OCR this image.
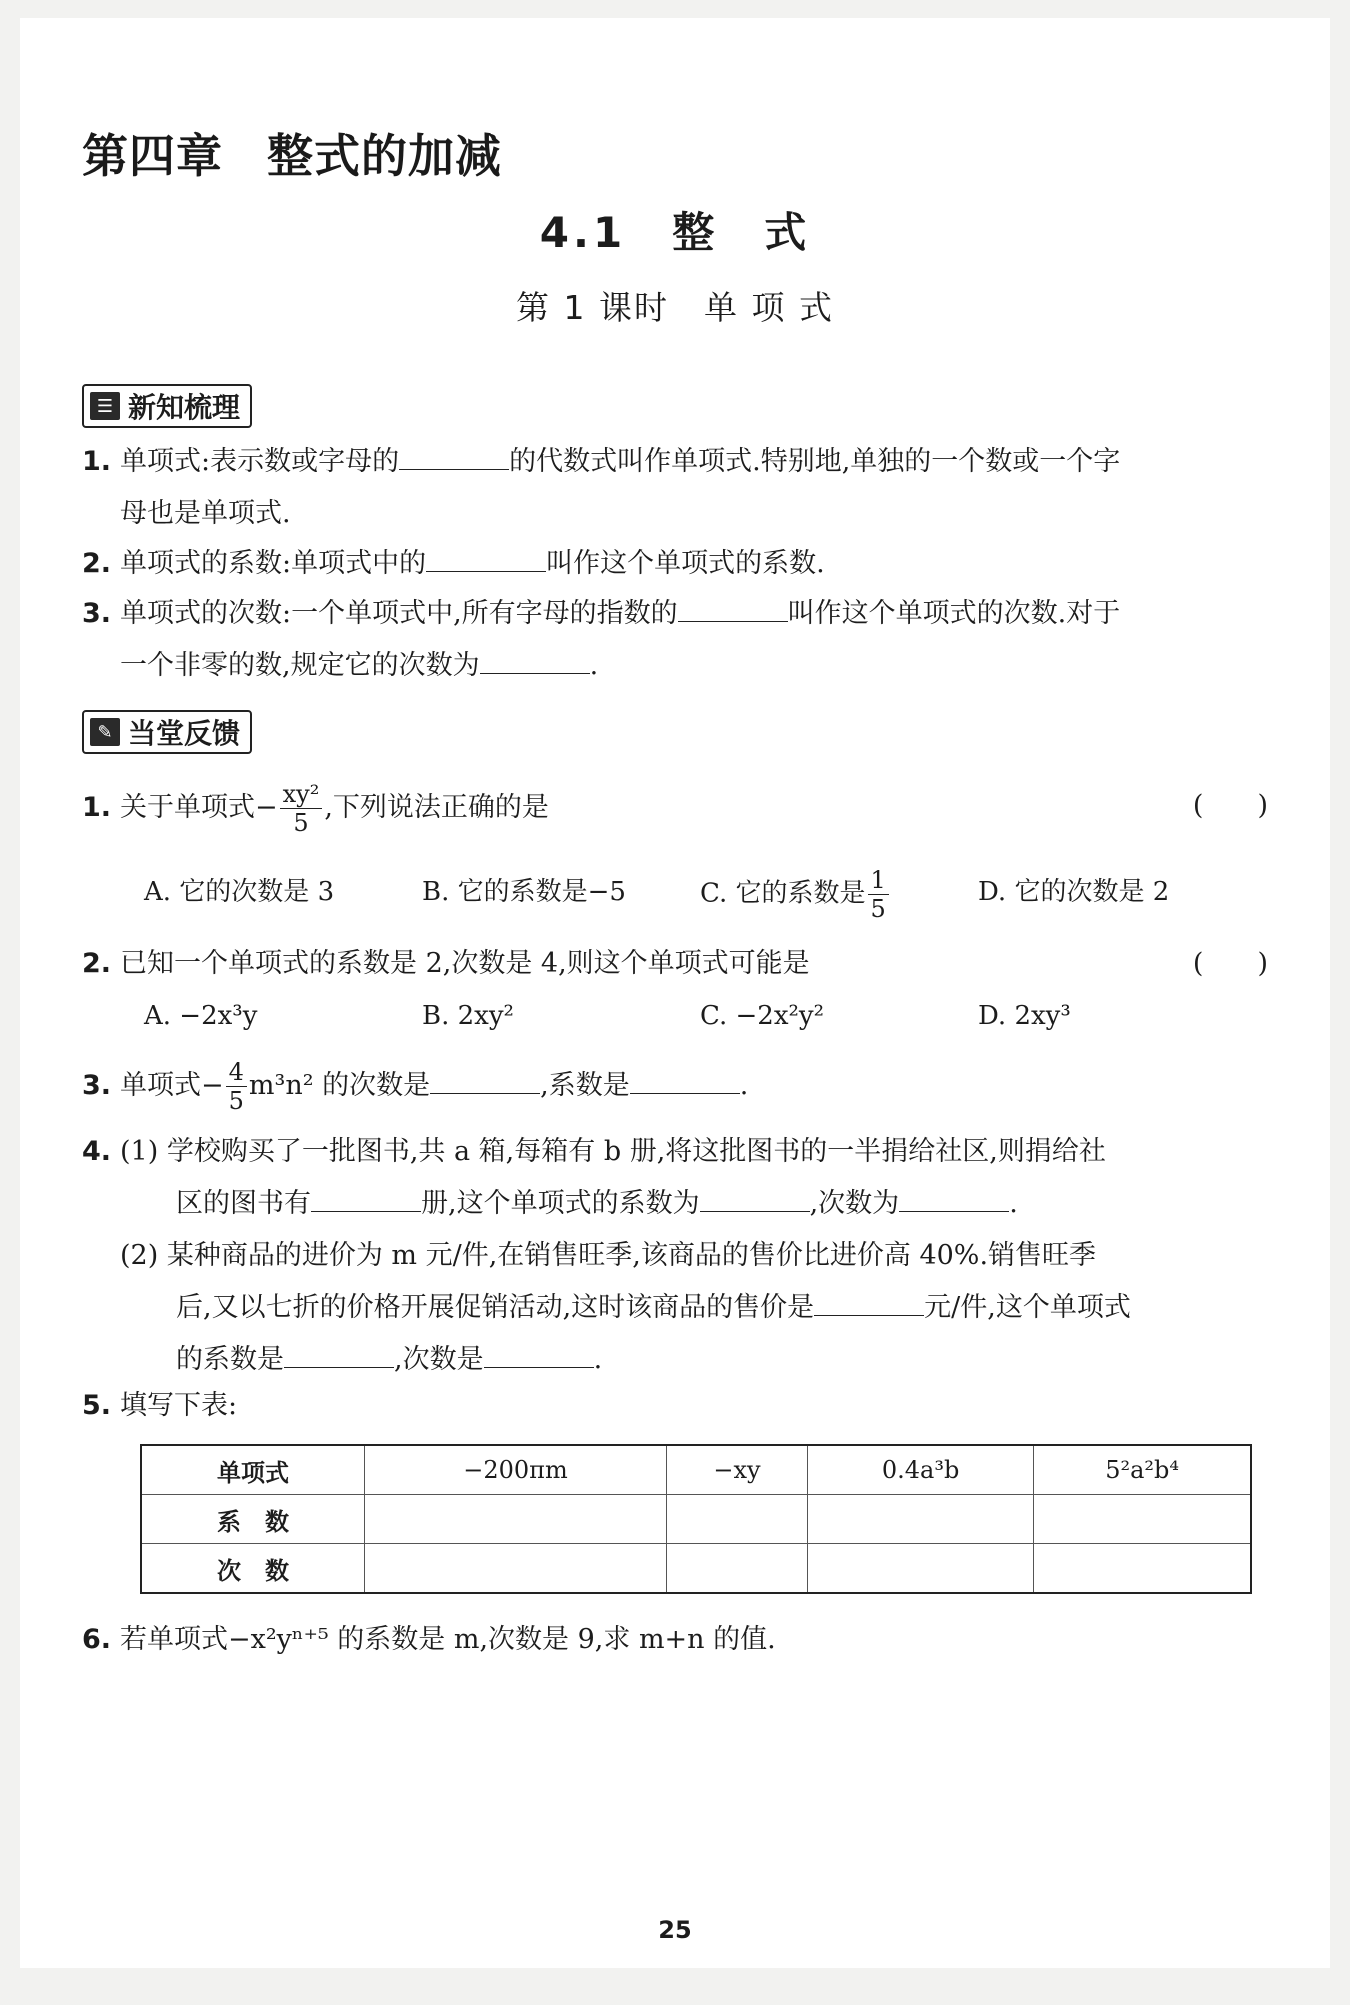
第四章 整式的加减
4.1　整　式
第 1 课时　单 项 式
☰ 新知梳理
1. 单项式:表示数或字母的	的代数式叫作单项式.特别地,单独的一个数或一个字
母也是单项式.
2. 单项式的系数:单项式中的	叫作这个单项式的系数.
3. 单项式的次数:一个单项式中,所有字母的指数的	叫作这个单项式的次数.对于
一个非零的数,规定它的次数为	.
✎ 当堂反馈
1. 关于单项式− $\frac{\text{xy²}}{5}$ ,下列说法正确的是	(　　)
A. 它的次数是 3	B. 它的系数是−5	C. 它的系数是 $\frac{1}{5}$	D. 它的次数是 2
2. 已知一个单项式的系数是 2,次数是 4,则这个单项式可能是	(　　)
A. −2x³y	B. 2xy²	C. −2x²y²	D. 2xy³
3. 单项式− $\frac{4}{5} m^3n^2$ 的次数是	,系数是	.
4. (1) 学校购买了一批图书,共 a 箱,每箱有 b 册,将这批图书的一半捐给社区,则捐给社
区的图书有	册,这个单项式的系数为	,次数为	.
(2) 某种商品的进价为 m 元/件,在销售旺季,该商品的售价比进价高 40%.销售旺季
后,又以七折的价格开展促销活动,这时该商品的售价是	元/件,这个单项式
的系数是	,次数是	.
5. 填写下表:
单项式	−200πm	−xy	0.4a³b	5²a²b⁴
系　数				
次　数				
6. 若单项式−x²yⁿ⁺⁵ 的系数是 m,次数是 9,求 m+n 的值.
25
